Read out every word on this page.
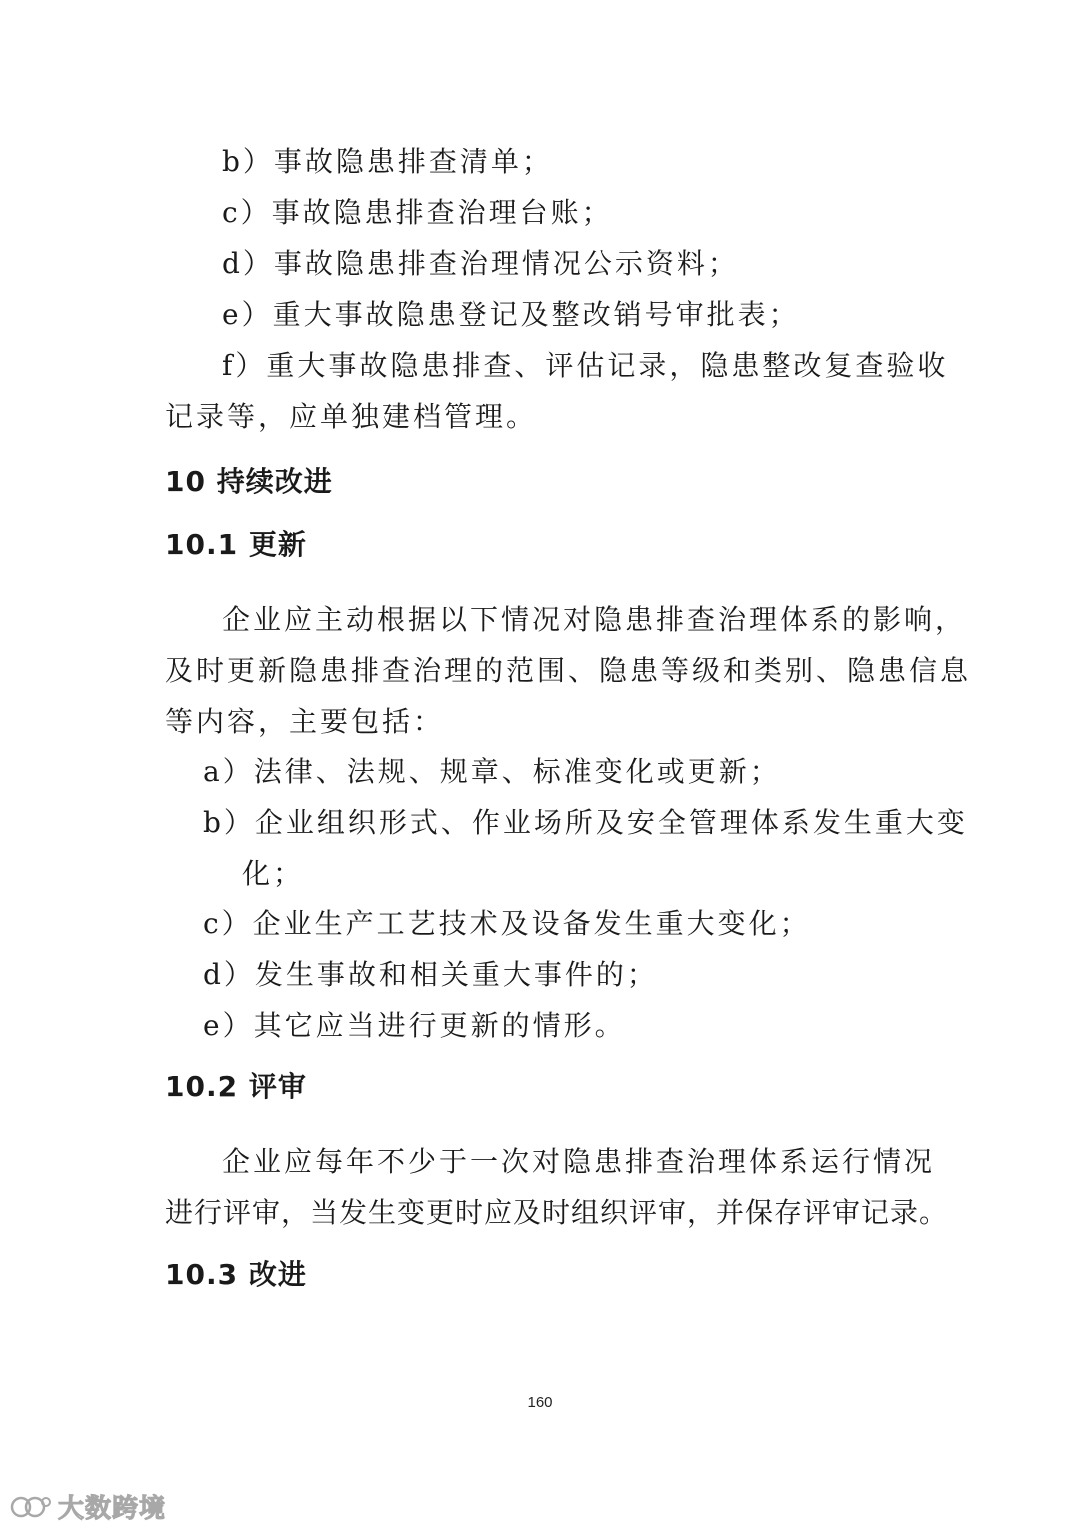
b）事故隐患排查清单；
c）事故隐患排查治理台账；
d）事故隐患排查治理情况公示资料；
e）重大事故隐患登记及整改销号审批表；
f）重大事故隐患排查、评估记录，隐患整改复查验收
记录等，应单独建档管理。
10 持续改进
10.1 更新
企业应主动根据以下情况对隐患排查治理体系的影响，
及时更新隐患排查治理的范围、隐患等级和类别、隐患信息
等内容，主要包括：
a）法律、法规、规章、标准变化或更新；
b）企业组织形式、作业场所及安全管理体系发生重大变
化；
c）企业生产工艺技术及设备发生重大变化；
d）发生事故和相关重大事件的；
e）其它应当进行更新的情形。
10.2 评审
企业应每年不少于一次对隐患排查治理体系运行情况
进行评审，当发生变更时应及时组织评审，并保存评审记录。
10.3 改进
160
大数跨境
